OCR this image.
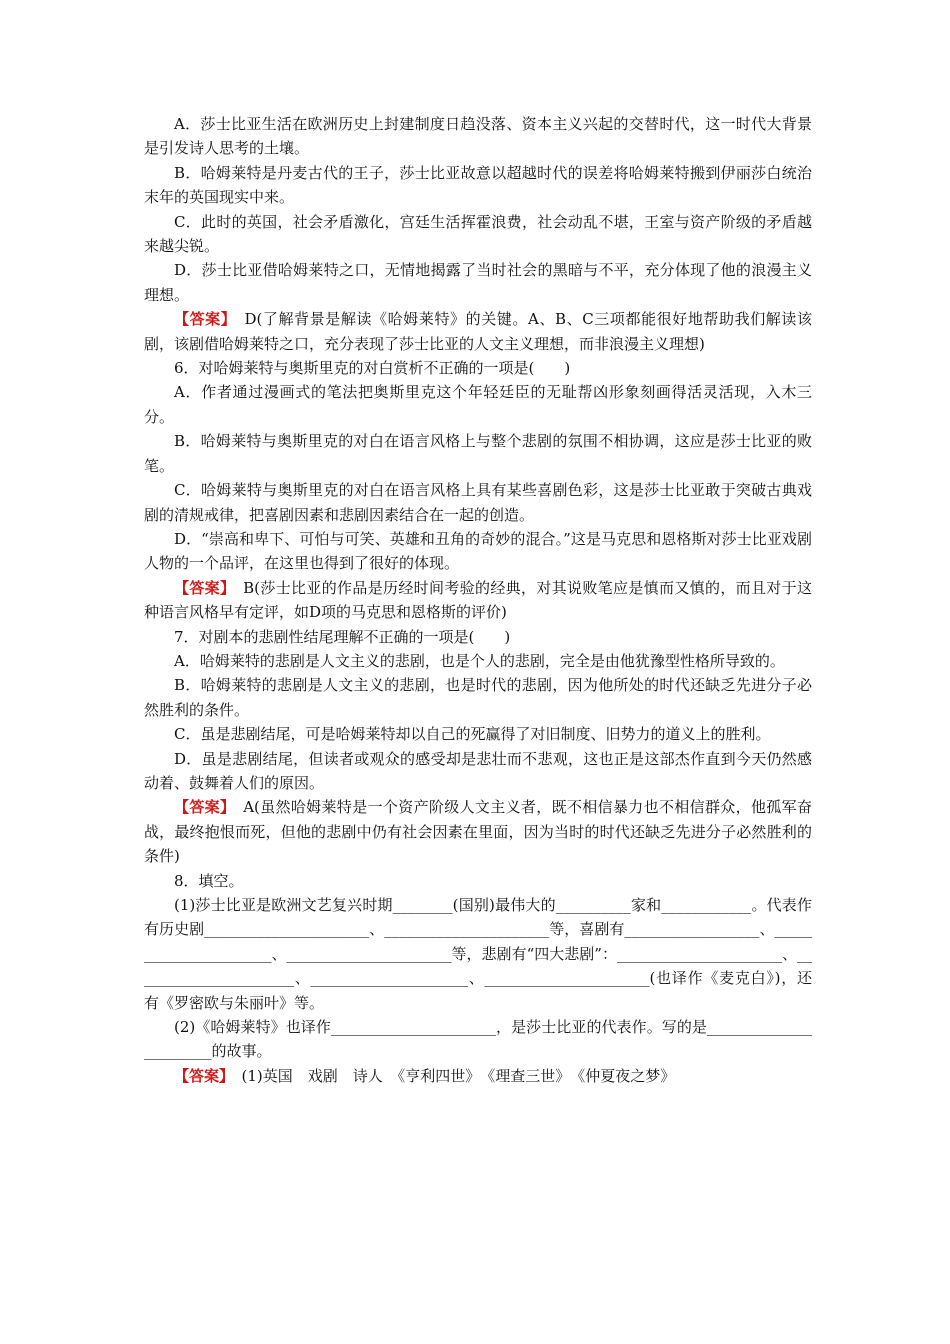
A．莎士比亚生活在欧洲历史上封建制度日趋没落、资本主义兴起的交替时代，这一时代大背景是引发诗人思考的土壤。

B．哈姆莱特是丹麦古代的王子，莎士比亚故意以超越时代的误差将哈姆莱特搬到伊丽莎白统治末年的英国现实中来。

C．此时的英国，社会矛盾激化，宫廷生活挥霍浪费，社会动乱不堪，王室与资产阶级的矛盾越来越尖锐。

D．莎士比亚借哈姆莱特之口，无情地揭露了当时社会的黑暗与不平，充分体现了他的浪漫主义理想。

【答案】　D(了解背景是解读《哈姆莱特》的关键。A、B、C三项都能很好地帮助我们解读该剧，该剧借哈姆莱特之口，充分表现了莎士比亚的人文主义理想，而非浪漫主义理想)

6．对哈姆莱特与奥斯里克的对白赏析不正确的一项是(　　)

A．作者通过漫画式的笔法把奥斯里克这个年轻廷臣的无耻帮凶形象刻画得活灵活现，入木三分。

B．哈姆莱特与奥斯里克的对白在语言风格上与整个悲剧的氛围不相协调，这应是莎士比亚的败笔。

C．哈姆莱特与奥斯里克的对白在语言风格上具有某些喜剧色彩，这是莎士比亚敢于突破古典戏剧的清规戒律，把喜剧因素和悲剧因素结合在一起的创造。

D．“崇高和卑下、可怕与可笑、英雄和丑角的奇妙的混合。”这是马克思和恩格斯对莎士比亚戏剧人物的一个品评，在这里也得到了很好的体现。

【答案】　B(莎士比亚的作品是历经时间考验的经典，对其说败笔应是慎而又慎的，而且对于这种语言风格早有定评，如D项的马克思和恩格斯的评价)

7．对剧本的悲剧性结尾理解不正确的一项是(　　)

A．哈姆莱特的悲剧是人文主义的悲剧，也是个人的悲剧，完全是由他犹豫型性格所导致的。

B．哈姆莱特的悲剧是人文主义的悲剧，也是时代的悲剧，因为他所处的时代还缺乏先进分子必然胜利的条件。

C．虽是悲剧结尾，可是哈姆莱特却以自己的死赢得了对旧制度、旧势力的道义上的胜利。

D．虽是悲剧结尾，但读者或观众的感受却是悲壮而不悲观，这也正是这部杰作直到今天仍然感动着、鼓舞着人们的原因。

【答案】　A(虽然哈姆莱特是一个资产阶级人文主义者，既不相信暴力也不相信群众，他孤军奋战，最终抱恨而死，但他的悲剧中仍有社会因素在里面，因为当时的时代还缺乏先进分子必然胜利的条件)

8．填空。

(1)莎士比亚是欧洲文艺复兴时期________(国别)最伟大的__________家和____________。代表作有历史剧______________________、______________________等，喜剧有__________________、______________________、______________________等，悲剧有“四大悲剧”：______________________、______________________、_____________________、______________________(也译作《麦克白》)，还有《罗密欧与朱丽叶》等。

(2)《哈姆莱特》也译作______________________，是莎士比亚的代表作。写的是_______________________的故事。

【答案】　(1)英国　戏剧　诗人　《亨利四世》　《理查三世》　《仲夏夜之梦》
